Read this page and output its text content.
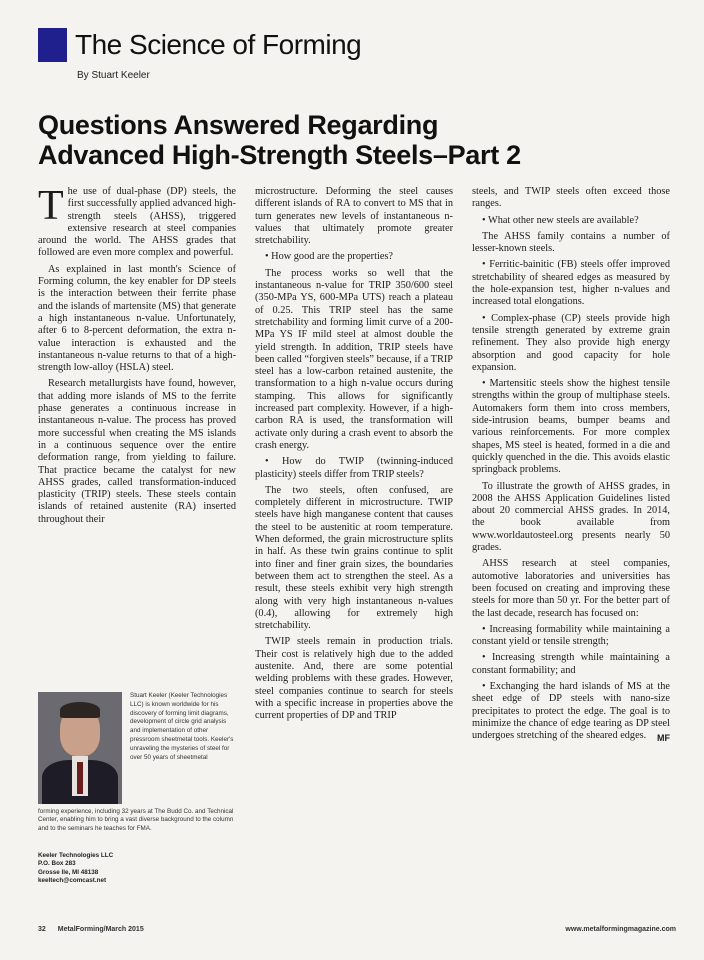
The Science of Forming
By Stuart Keeler
Questions Answered Regarding
Advanced High-Strength Steels–Part 2

The use of dual-phase (DP) steels, the first successfully applied advanced high-strength steels (AHSS), triggered extensive research at steel companies around the world. The AHSS grades that followed are even more complex and powerful.

As explained in last month's Science of Forming column, the key enabler for DP steels is the interaction between their ferrite phase and the islands of martensite (MS) that generate a high instantaneous n-value. Unfortunately, after 6 to 8-percent deformation, the extra n-value interaction is exhausted and the instantaneous n-value returns to that of a high-strength low-alloy (HSLA) steel.

Research metallurgists have found, however, that adding more islands of MS to the ferrite phase generates a continuous increase in instantaneous n-value. The process has proved more successful when creating the MS islands in a continuous sequence over the entire deformation range, from yielding to failure. That practice became the catalyst for new AHSS grades, called transformation-induced plasticity (TRIP) steels. These steels contain islands of retained austenite (RA) inserted throughout their

microstructure. Deforming the steel causes different islands of RA to convert to MS that in turn generates new levels of instantaneous n-values that ultimately promote greater stretchability.

• How good are the properties?

The process works so well that the instantaneous n-value for TRIP 350/600 steel (350-MPa YS, 600-MPa UTS) reach a plateau of 0.25. This TRIP steel has the same stretchability and forming limit curve of a 200-MPa YS IF mild steel at almost double the yield strength. In addition, TRIP steels have been called “forgiven steels” because, if a TRIP steel has a low-carbon retained austenite, the transformation to a high n-value occurs during stamping. This allows for significantly increased part complexity. However, if a high-carbon RA is used, the transformation will activate only during a crash event to absorb the crash energy.

• How do TWIP (twinning-induced plasticity) steels differ from TRIP steels?

The two steels, often confused, are completely different in microstructure. TWIP steels have high manganese content that causes the steel to be austenitic at room temperature. When deformed, the grain microstructure splits in half. As these twin grains continue to split into finer and finer grain sizes, the boundaries between them act to strengthen the steel. As a result, these steels exhibit very high strength along with very high instantaneous n-values (0.4), allowing for extremely high stretchability.

TWIP steels remain in production trials. Their cost is relatively high due to the added austenite. And, there are some potential welding problems with these grades. However, steel companies continue to search for steels with a specific increase in properties above the current properties of DP and TRIP

steels, and TWIP steels often exceed those ranges.

• What other new steels are available?

The AHSS family contains a number of lesser-known steels.

• Ferritic-bainitic (FB) steels offer improved stretchability of sheared edges as measured by the hole-expansion test, higher n-values and increased total elongations.

• Complex-phase (CP) steels provide high tensile strength generated by extreme grain refinement. They also provide high energy absorption and good capacity for hole expansion.

• Martensitic steels show the highest tensile strengths within the group of multiphase steels. Automakers form them into cross members, side-intrusion beams, bumper beams and various reinforcements. For more complex shapes, MS steel is heated, formed in a die and quickly quenched in the die. This avoids elastic springback problems.

To illustrate the growth of AHSS grades, in 2008 the AHSS Application Guidelines listed about 20 commercial AHSS grades. In 2014, the book available from www.worldautosteel.org presents nearly 50 grades.

AHSS research at steel companies, automotive laboratories and universities has been focused on creating and improving these steels for more than 50 yr. For the better part of the last decade, research has focused on:

• Increasing formability while maintaining a constant yield or tensile strength;

• Increasing strength while maintaining a constant formability; and

• Exchanging the hard islands of MS at the sheet edge of DP steels with nano-size precipitates to protect the edge. The goal is to minimize the chance of edge tearing as DP steel undergoes stretching of the sheared edges.	MF

Stuart Keeler (Keeler Technologies LLC) is known worldwide for his discovery of forming limit diagrams, development of circle grid analysis and implementation of other pressroom sheetmetal tools. Keeler's unraveling the mysteries of steel for over 50 years of sheetmetal

forming experience, including 32 years at The Budd Co. and Technical Center, enabling him to bring a vast diverse background to the column and to the seminars he teaches for FMA.

Keeler Technologies LLC
P.O. Box 283
Grosse Ile, MI 48138
keeltech@comcast.net
32 MetalForming/March 2015	www.metalformingmagazine.com
